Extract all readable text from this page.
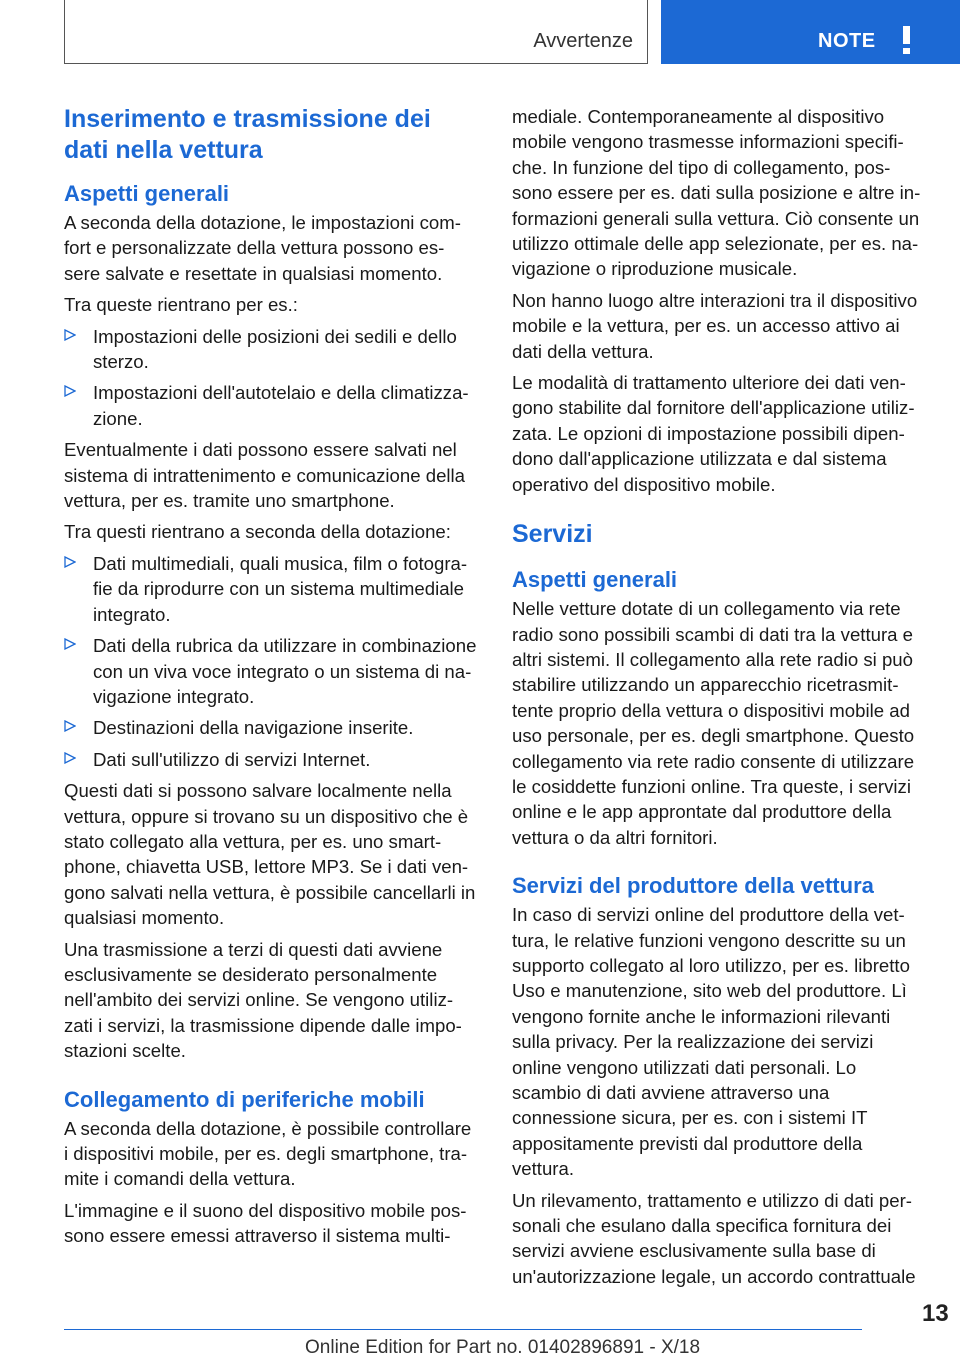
Avvertenze	NOTE
Inserimento e trasmissione dei dati nella vettura
Aspetti generali

A seconda della dotazione, le impostazioni com-fort e personalizzate della vettura possono es-sere salvate e resettate in qualsiasi momento.

Tra queste rientrano per es.:

Impostazioni delle posizioni dei sedili e dello sterzo.
Impostazioni dell'autotelaio e della climatizza-zione.

Eventualmente i dati possono essere salvati nel sistema di intrattenimento e comunicazione della vettura, per es. tramite uno smartphone.

Tra questi rientrano a seconda della dotazione:

Dati multimediali, quali musica, film o fotogra-fie da riprodurre con un sistema multimediale integrato.
Dati della rubrica da utilizzare in combinazione con un viva voce integrato o un sistema di na-vigazione integrato.
Destinazioni della navigazione inserite.
Dati sull'utilizzo di servizi Internet.

Questi dati si possono salvare localmente nella vettura, oppure si trovano su un dispositivo che è stato collegato alla vettura, per es. uno smart-phone, chiavetta USB, lettore MP3. Se i dati ven-gono salvati nella vettura, è possibile cancellarli in qualsiasi momento.

Una trasmissione a terzi di questi dati avviene esclusivamente se desiderato personalmente nell'ambito dei servizi online. Se vengono utiliz-zati i servizi, la trasmissione dipende dalle impo-stazioni scelte.

Collegamento di periferiche mobili

A seconda della dotazione, è possibile controllare i dispositivi mobile, per es. degli smartphone, tra-mite i comandi della vettura.

L'immagine e il suono del dispositivo mobile pos-sono essere emessi attraverso il sistema multi-

mediale. Contemporaneamente al dispositivo mobile vengono trasmesse informazioni specifi-che. In funzione del tipo di collegamento, pos-sono essere per es. dati sulla posizione e altre in-formazioni generali sulla vettura. Ciò consente un utilizzo ottimale delle app selezionate, per es. na-vigazione o riproduzione musicale.

Non hanno luogo altre interazioni tra il dispositivo mobile e la vettura, per es. un accesso attivo ai dati della vettura.

Le modalità di trattamento ulteriore dei dati ven-gono stabilite dal fornitore dell'applicazione utiliz-zata. Le opzioni di impostazione possibili dipen-dono dall'applicazione utilizzata e dal sistema operativo del dispositivo mobile.

Servizi
Aspetti generali

Nelle vetture dotate di un collegamento via rete radio sono possibili scambi di dati tra la vettura e altri sistemi. Il collegamento alla rete radio si può stabilire utilizzando un apparecchio ricetrasmit-tente proprio della vettura o dispositivi mobile ad uso personale, per es. degli smartphone. Questo collegamento via rete radio consente di utilizzare le cosiddette funzioni online. Tra queste, i servizi online e le app approntate dal produttore della vettura o da altri fornitori.

Servizi del produttore della vettura

In caso di servizi online del produttore della vet-tura, le relative funzioni vengono descritte su un supporto collegato al loro utilizzo, per es. libretto Uso e manutenzione, sito web del produttore. Lì vengono fornite anche le informazioni rilevanti sulla privacy. Per la realizzazione dei servizi online vengono utilizzati dati personali. Lo scambio di dati avviene attraverso una connessione sicura, per es. con i sistemi IT appositamente previsti dal produttore della vettura.

Un rilevamento, trattamento e utilizzo di dati per-sonali che esulano dalla specifica fornitura dei servizi avviene esclusivamente sulla base di un'autorizzazione legale, un accordo contrattuale

13
Online Edition for Part no. 01402896891 - X/18
